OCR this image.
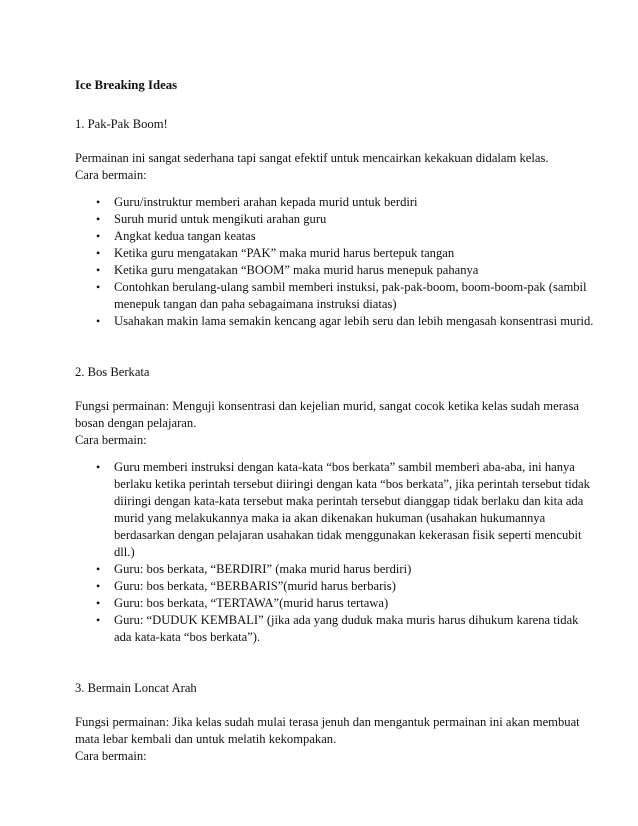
Ice Breaking Ideas
1. Pak-Pak Boom!

Permainan ini sangat sederhana tapi sangat efektif untuk mencairkan kekakuan didalam kelas.

Cara bermain:

•	Guru/instruktur memberi arahan kepada murid untuk berdiri
•	Suruh murid untuk mengikuti arahan guru
•	Angkat kedua tangan keatas
•	Ketika guru mengatakan “PAK” maka murid harus bertepuk tangan
•	Ketika guru mengatakan “BOOM” maka murid harus menepuk pahanya
•	Contohkan berulang-ulang sambil memberi instuksi, pak-pak-boom, boom-boom-pak (sambil menepuk tangan dan paha sebagaimana instruksi diatas)
•	Usahakan makin lama semakin kencang agar lebih seru dan lebih mengasah konsentrasi murid.
2. Bos Berkata

Fungsi permainan: Menguji konsentrasi dan kejelian murid, sangat cocok ketika kelas sudah merasa bosan dengan pelajaran.

Cara bermain:

•	Guru memberi instruksi dengan kata-kata “bos berkata” sambil memberi aba-aba, ini hanya berlaku ketika perintah tersebut diiringi dengan kata “bos berkata”, jika perintah tersebut tidak diiringi dengan kata-kata tersebut maka perintah tersebut dianggap tidak berlaku dan kita ada murid yang melakukannya maka ia akan dikenakan hukuman (usahakan hukumannya berdasarkan dengan pelajaran usahakan tidak menggunakan kekerasan fisik seperti mencubit dll.)
•	Guru: bos berkata, “BERDIRI” (maka murid harus berdiri)
•	Guru: bos berkata, “BERBARIS”(murid harus berbaris)
•	Guru: bos berkata, “TERTAWA”(murid harus tertawa)
•	Guru: “DUDUK KEMBALI” (jika ada yang duduk maka muris harus dihukum karena tidak ada kata-kata “bos berkata”).
3. Bermain Loncat Arah

Fungsi permainan: Jika kelas sudah mulai terasa jenuh dan mengantuk permainan ini akan membuat mata lebar kembali dan untuk melatih kekompakan.

Cara bermain:
